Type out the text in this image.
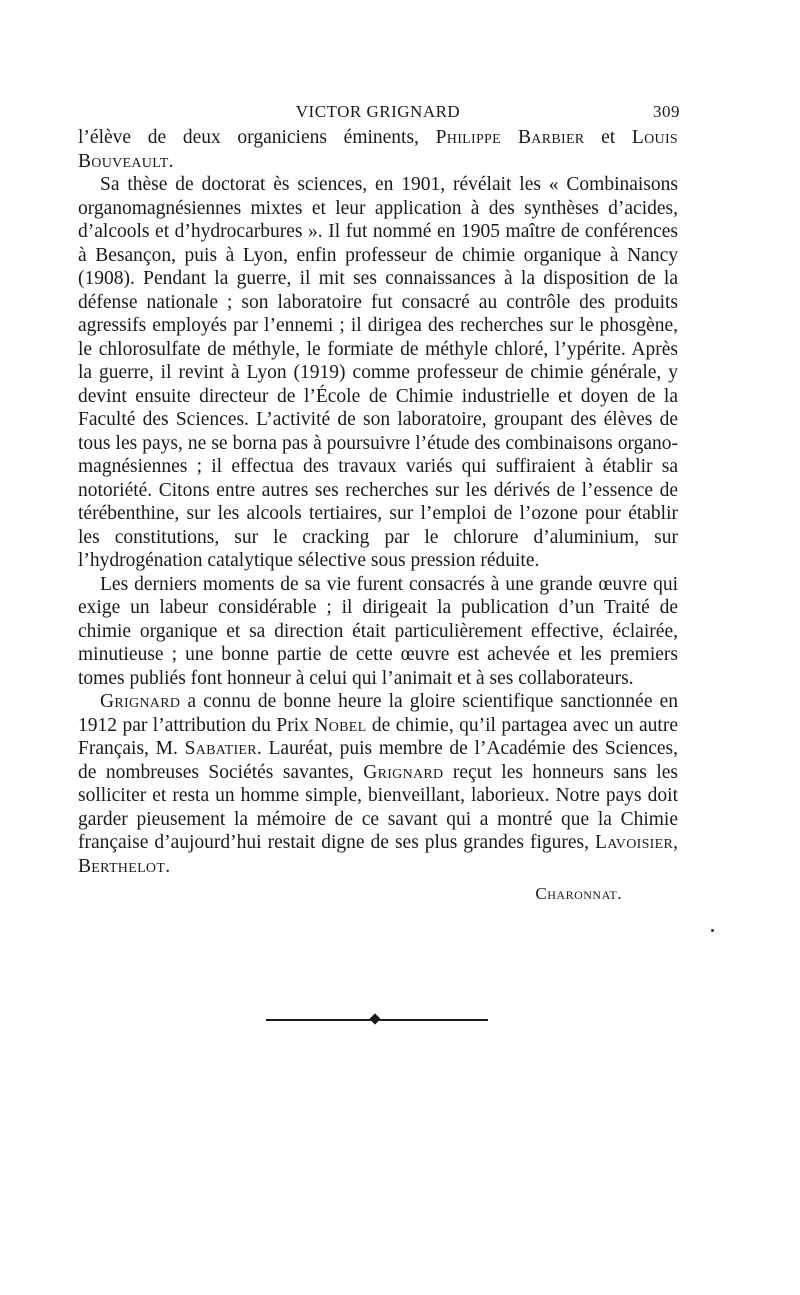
VICTOR GRIGNARD	309

l’élève de deux organiciens éminents, Philippe Barbier et Louis Bouveault.

Sa thèse de doctorat ès sciences, en 1901, révélait les « Combinaisons organomagnésiennes mixtes et leur application à des synthèses d’acides, d’alcools et d’hydrocarbures ». Il fut nommé en 1905 maître de conférences à Besançon, puis à Lyon, enfin professeur de chimie organique à Nancy (1908). Pendant la guerre, il mit ses connaissances à la disposition de la défense nationale ; son laboratoire fut consacré au contrôle des produits agressifs employés par l’ennemi ; il dirigea des recherches sur le phosgène, le chlorosulfate de méthyle, le formiate de méthyle chloré, l’ypérite. Après la guerre, il revint à Lyon (1919) comme professeur de chimie générale, y devint ensuite directeur de l’École de Chimie industrielle et doyen de la Faculté des Sciences. L’activité de son laboratoire, groupant des élèves de tous les pays, ne se borna pas à poursuivre l’étude des combinaisons organo-magnésiennes ; il effectua des travaux variés qui suffiraient à établir sa notoriété. Citons entre autres ses recherches sur les dérivés de l’essence de térébenthine, sur les alcools tertiaires, sur l’emploi de l’ozone pour établir les constitutions, sur le cracking par le chlorure d’aluminium, sur l’hydrogénation catalytique sélective sous pression réduite.

Les derniers moments de sa vie furent consacrés à une grande œuvre qui exige un labeur considérable ; il dirigeait la publication d’un Traité de chimie organique et sa direction était particulièrement effective, éclairée, minutieuse ; une bonne partie de cette œuvre est achevée et les premiers tomes publiés font honneur à celui qui l’animait et à ses collaborateurs.

Grignard a connu de bonne heure la gloire scientifique sanctionnée en 1912 par l’attribution du Prix Nobel de chimie, qu’il partagea avec un autre Français, M. Sabatier. Lauréat, puis membre de l’Académie des Sciences, de nombreuses Sociétés savantes, Grignard reçut les honneurs sans les solliciter et resta un homme simple, bienveillant, laborieux. Notre pays doit garder pieusement la mémoire de ce savant qui a montré que la Chimie française d’aujourd’hui restait digne de ses plus grandes figures, Lavoisier, Berthelot.

Charonnat.
